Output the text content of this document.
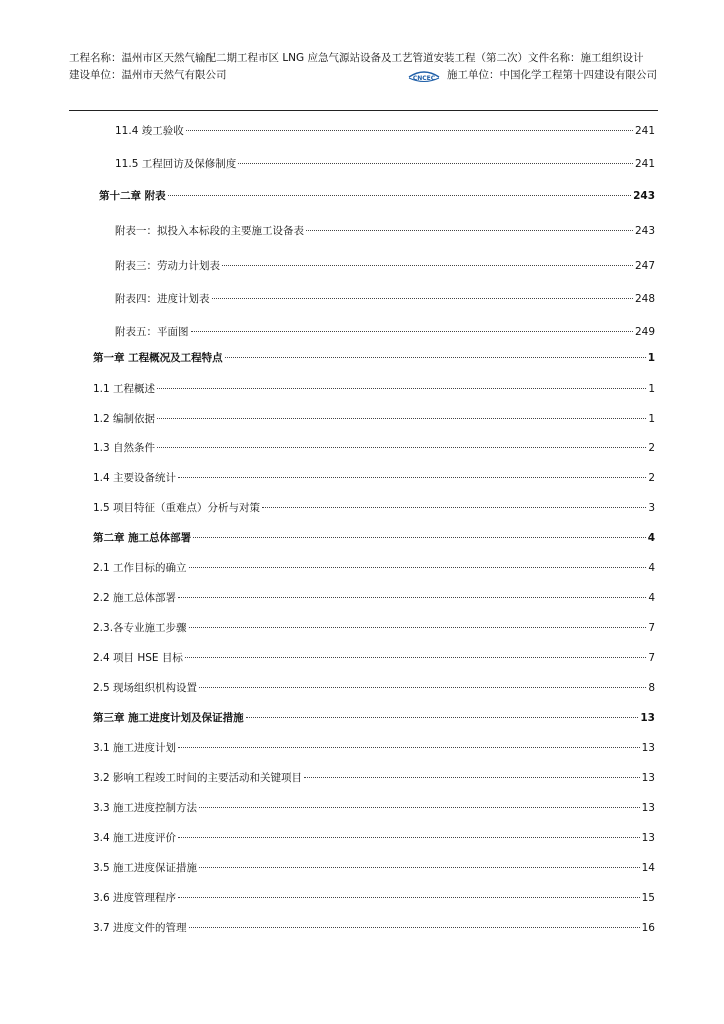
工程名称：温州市区天然气输配二期工程市区 LNG 应急气源站设备及工艺管道安装工程（第二次）文件名称：施工组织设计
建设单位：温州市天然气有限公司	CNCEC 施工单位：中国化学工程第十四建设有限公司
11.4 竣工验收	241
11.5 工程回访及保修制度	241
第十二章 附表	243
附表一：拟投入本标段的主要施工设备表	243
附表三：劳动力计划表	247
附表四：进度计划表	248
附表五：平面图	249
第一章 工程概况及工程特点	1
1.1 工程概述	1
1.2 编制依据	1
1.3 自然条件	2
1.4 主要设备统计	2
1.5 项目特征（重难点）分析与对策	3
第二章 施工总体部署	4
2.1 工作目标的确立	4
2.2 施工总体部署	4
2.3.各专业施工步骤	7
2.4 项目 HSE 目标	7
2.5 现场组织机构设置	8
第三章 施工进度计划及保证措施	13
3.1 施工进度计划	13
3.2 影响工程竣工时间的主要活动和关键项目	13
3.3 施工进度控制方法	13
3.4 施工进度评价	13
3.5 施工进度保证措施	14
3.6 进度管理程序	15
3.7 进度文件的管理	16
